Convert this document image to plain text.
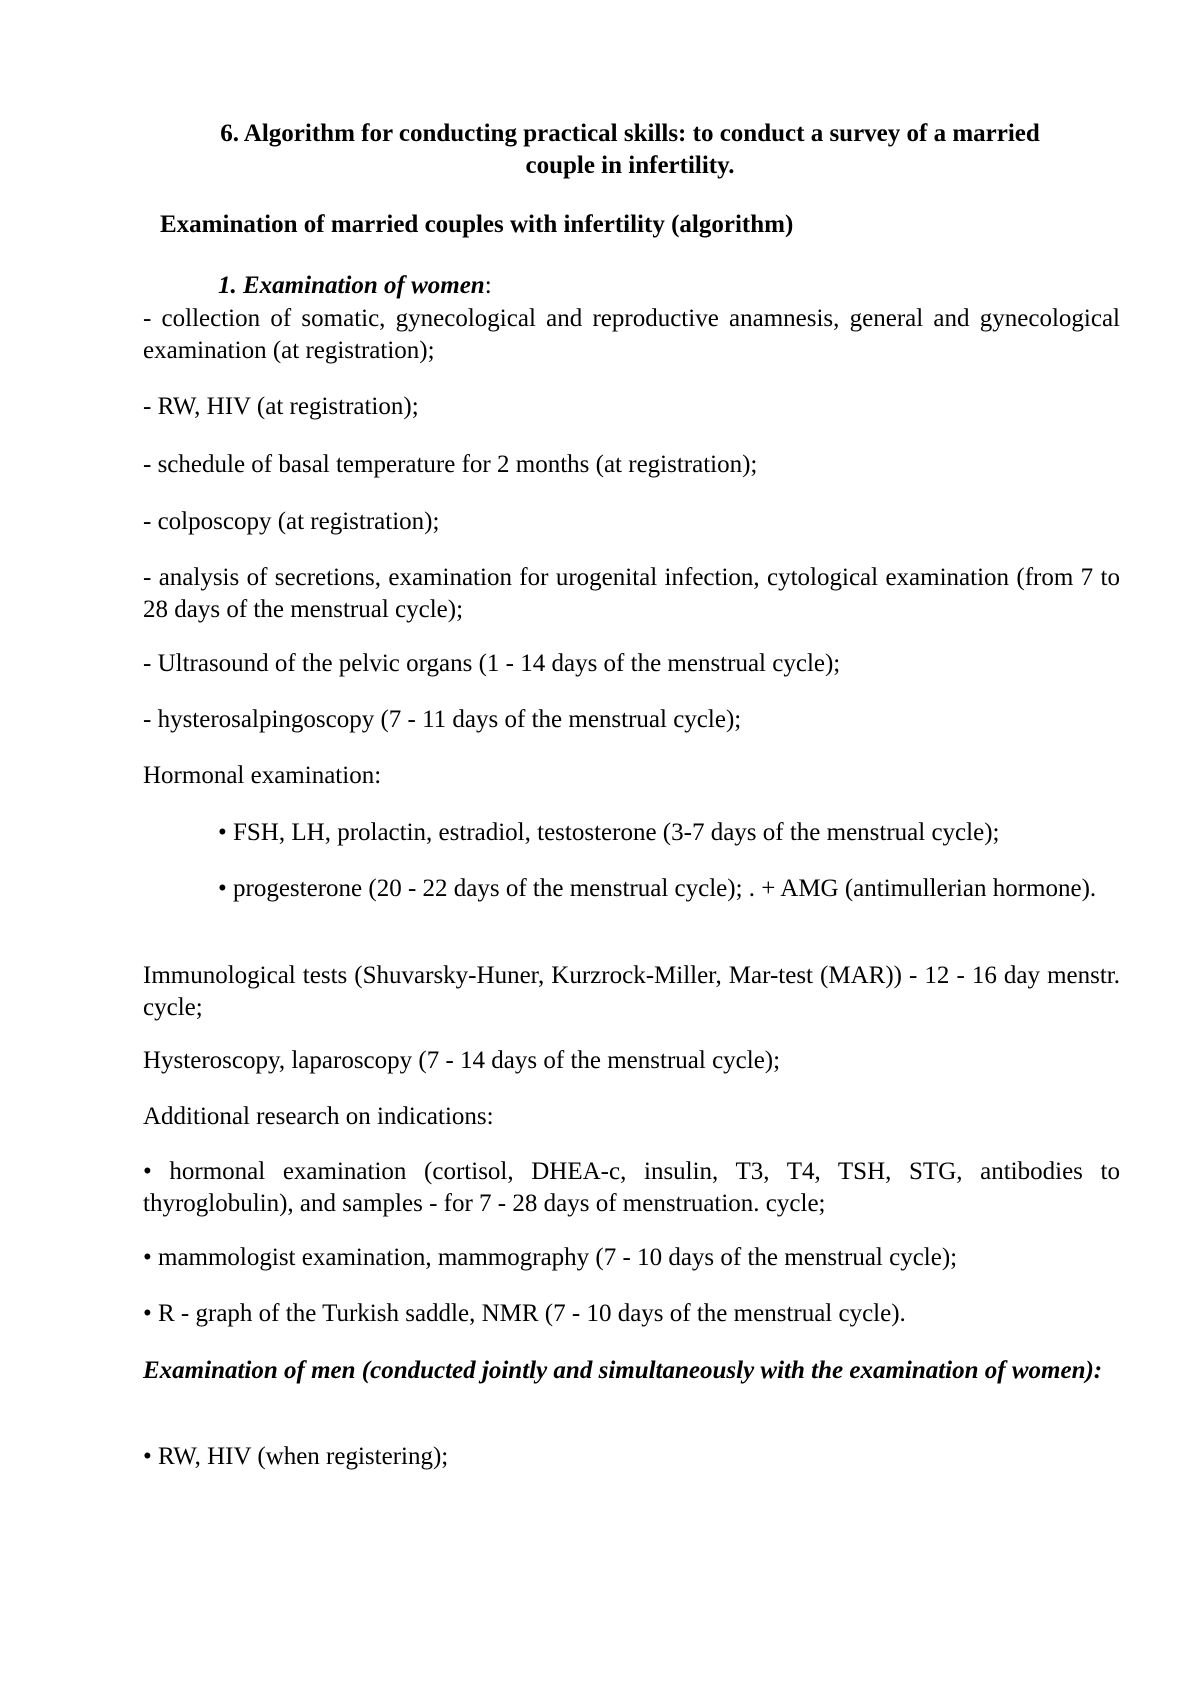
6. Algorithm for conducting practical skills: to conduct a survey of a married
couple in infertility.

Examination of married couples with infertility (algorithm)

1. Examination of women:

- collection of somatic, gynecological and reproductive anamnesis, general and gynecological examination (at registration);

- RW, HIV (at registration);

- schedule of basal temperature for 2 months (at registration);

- colposcopy (at registration);

- analysis of secretions, examination for urogenital infection, cytological examination (from 7 to 28 days of the menstrual cycle);

- Ultrasound of the pelvic organs (1 - 14 days of the menstrual cycle);

- hysterosalpingoscopy (7 - 11 days of the menstrual cycle);

Hormonal examination:

• FSH, LH, prolactin, estradiol, testosterone (3-7 days of the menstrual cycle);

• progesterone (20 - 22 days of the menstrual cycle); . + AMG (antimullerian hormone).

Immunological tests (Shuvarsky-Huner, Kurzrock-Miller, Mar-test (MAR)) - 12 - 16 day menstr. cycle;

Hysteroscopy, laparoscopy (7 - 14 days of the menstrual cycle);

Additional research on indications:

• hormonal examination (cortisol, DHEA-c, insulin, T3, T4, TSH, STG, antibodies to thyroglobulin), and samples - for 7 - 28 days of menstruation. cycle;

• mammologist examination, mammography (7 - 10 days of the menstrual cycle);

• R - graph of the Turkish saddle, NMR (7 - 10 days of the menstrual cycle).

Examination of men (conducted jointly and simultaneously with the examination of women):

• RW, HIV (when registering);
